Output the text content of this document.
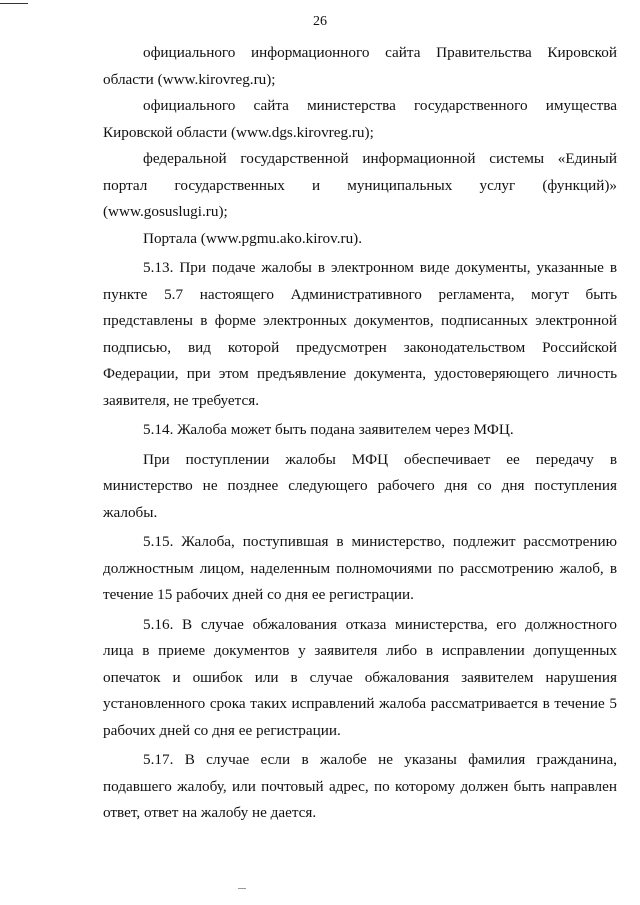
26

официального информационного сайта Правительства Кировской области (www.kirovreg.ru);

официального сайта министерства государственного имущества Кировской области (www.dgs.kirovreg.ru);

федеральной государственной информационной системы «Единый портал государственных и муниципальных услуг (функций)» (www.gosuslugi.ru);

Портала (www.pgmu.ako.kirov.ru).

5.13. При подаче жалобы в электронном виде документы, указанные в пункте 5.7 настоящего Административного регламента, могут быть представлены в форме электронных документов, подписанных электронной подписью, вид которой предусмотрен законодательством Российской Федерации, при этом предъявление документа, удостоверяющего личность заявителя, не требуется.

5.14. Жалоба может быть подана заявителем через МФЦ.

При поступлении жалобы МФЦ обеспечивает ее передачу в министерство не позднее следующего рабочего дня со дня поступления жалобы.

5.15. Жалоба, поступившая в министерство, подлежит рассмотрению должностным лицом, наделенным полномочиями по рассмотрению жалоб, в течение 15 рабочих дней со дня ее регистрации.

5.16. В случае обжалования отказа министерства, его должностного лица в приеме документов у заявителя либо в исправлении допущенных опечаток и ошибок или в случае обжалования заявителем нарушения установленного срока таких исправлений жалоба рассматривается в течение 5 рабочих дней со дня ее регистрации.

5.17. В случае если в жалобе не указаны фамилия гражданина, подавшего жалобу, или почтовый адрес, по которому должен быть направлен ответ, ответ на жалобу не дается.
